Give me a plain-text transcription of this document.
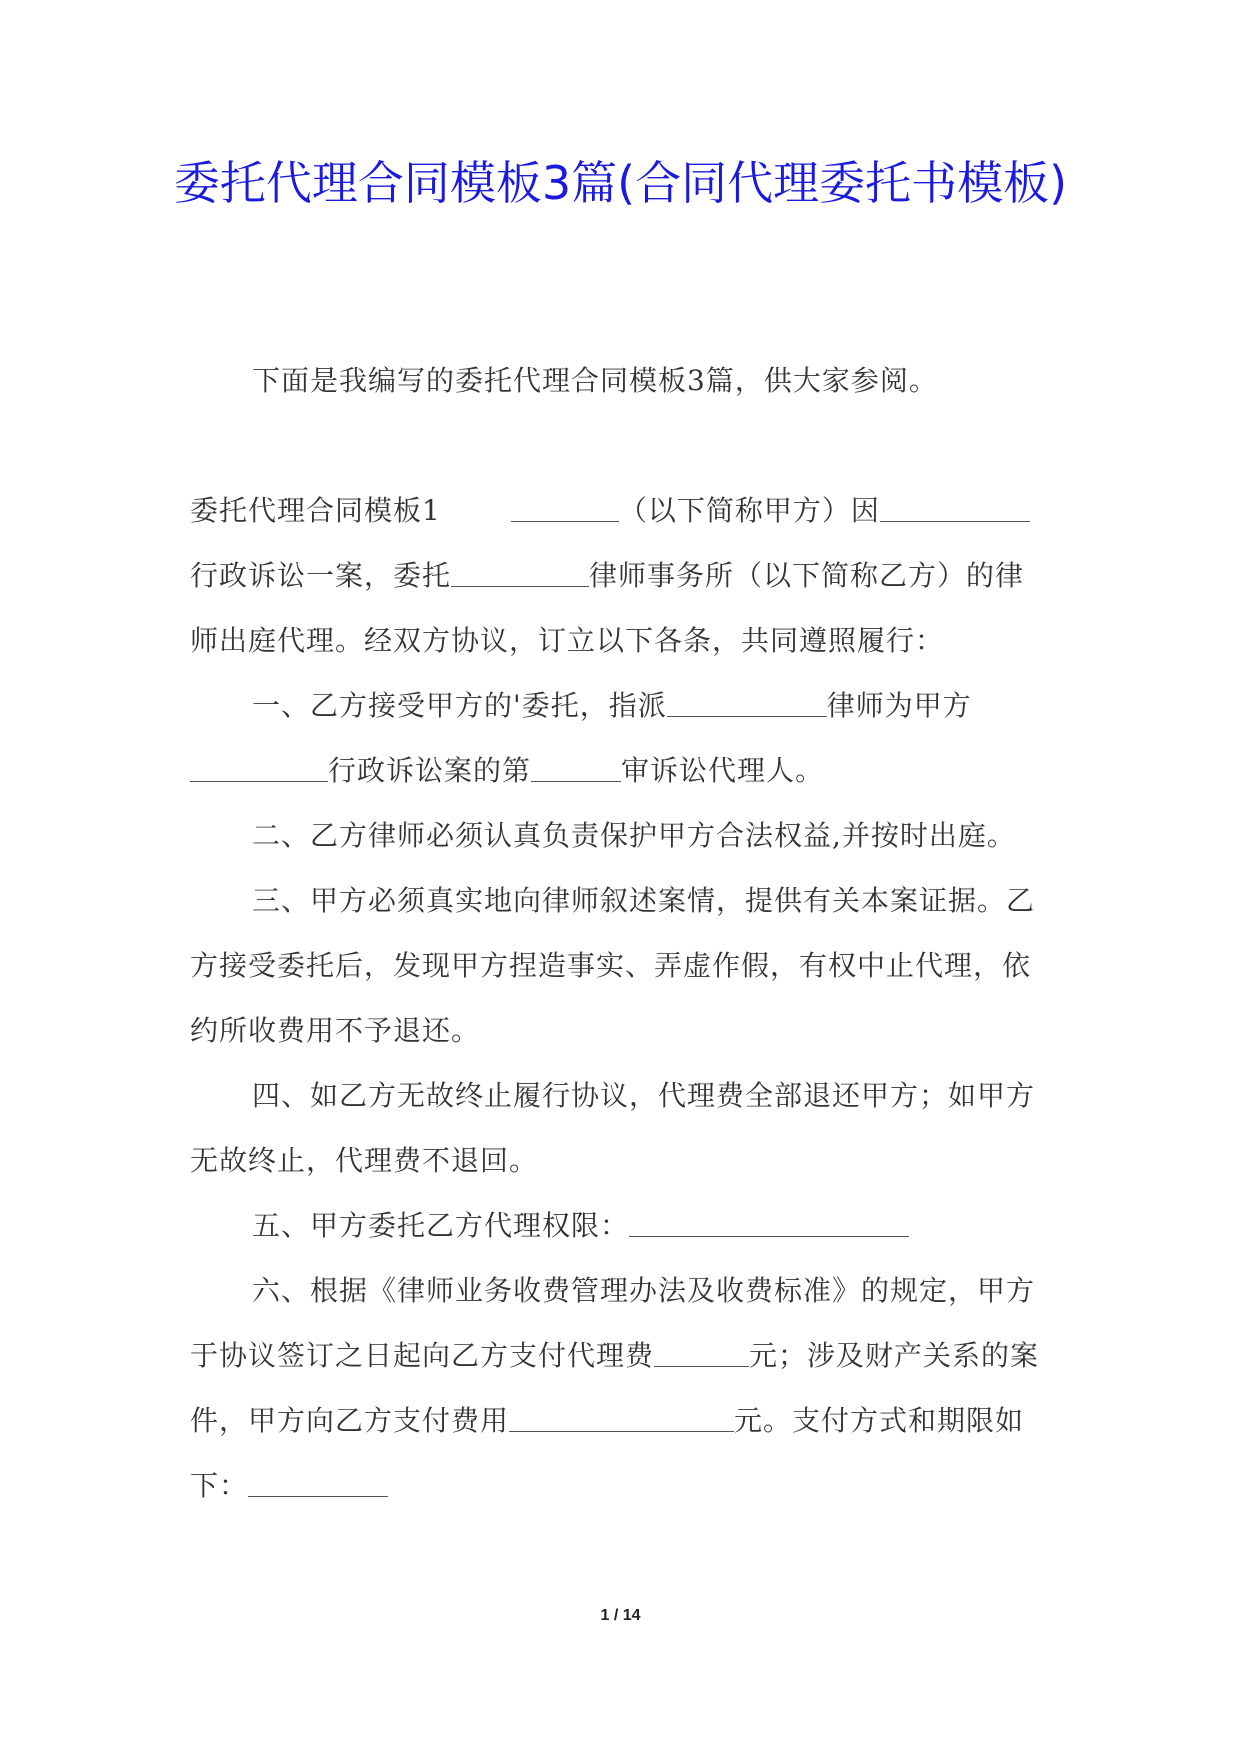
委托代理合同模板3篇(合同代理委托书模板)

下面是我编写的委托代理合同模板3篇，供大家参阅。

委托代理合同模板1	（以下简称甲方）因行政诉讼一案，委托	律师事务所（以下简称乙方）的律师出庭代理。经双方协议，订立以下各条，共同遵照履行：

一、乙方接受甲方的'委托，指派	律师为甲方行政诉讼案的第	审诉讼代理人。

二、乙方律师必须认真负责保护甲方合法权益,并按时出庭。

三、甲方必须真实地向律师叙述案情，提供有关本案证据。乙方接受委托后，发现甲方捏造事实、弄虚作假，有权中止代理，依约所收费用不予退还。

四、如乙方无故终止履行协议，代理费全部退还甲方；如甲方无故终止，代理费不退回。

五、甲方委托乙方代理权限：

六、根据《律师业务收费管理办法及收费标准》的规定，甲方于协议签订之日起向乙方支付代理费	元；涉及财产关系的案件，甲方向乙方支付费用	元。支付方式和期限如下：

1 / 14
